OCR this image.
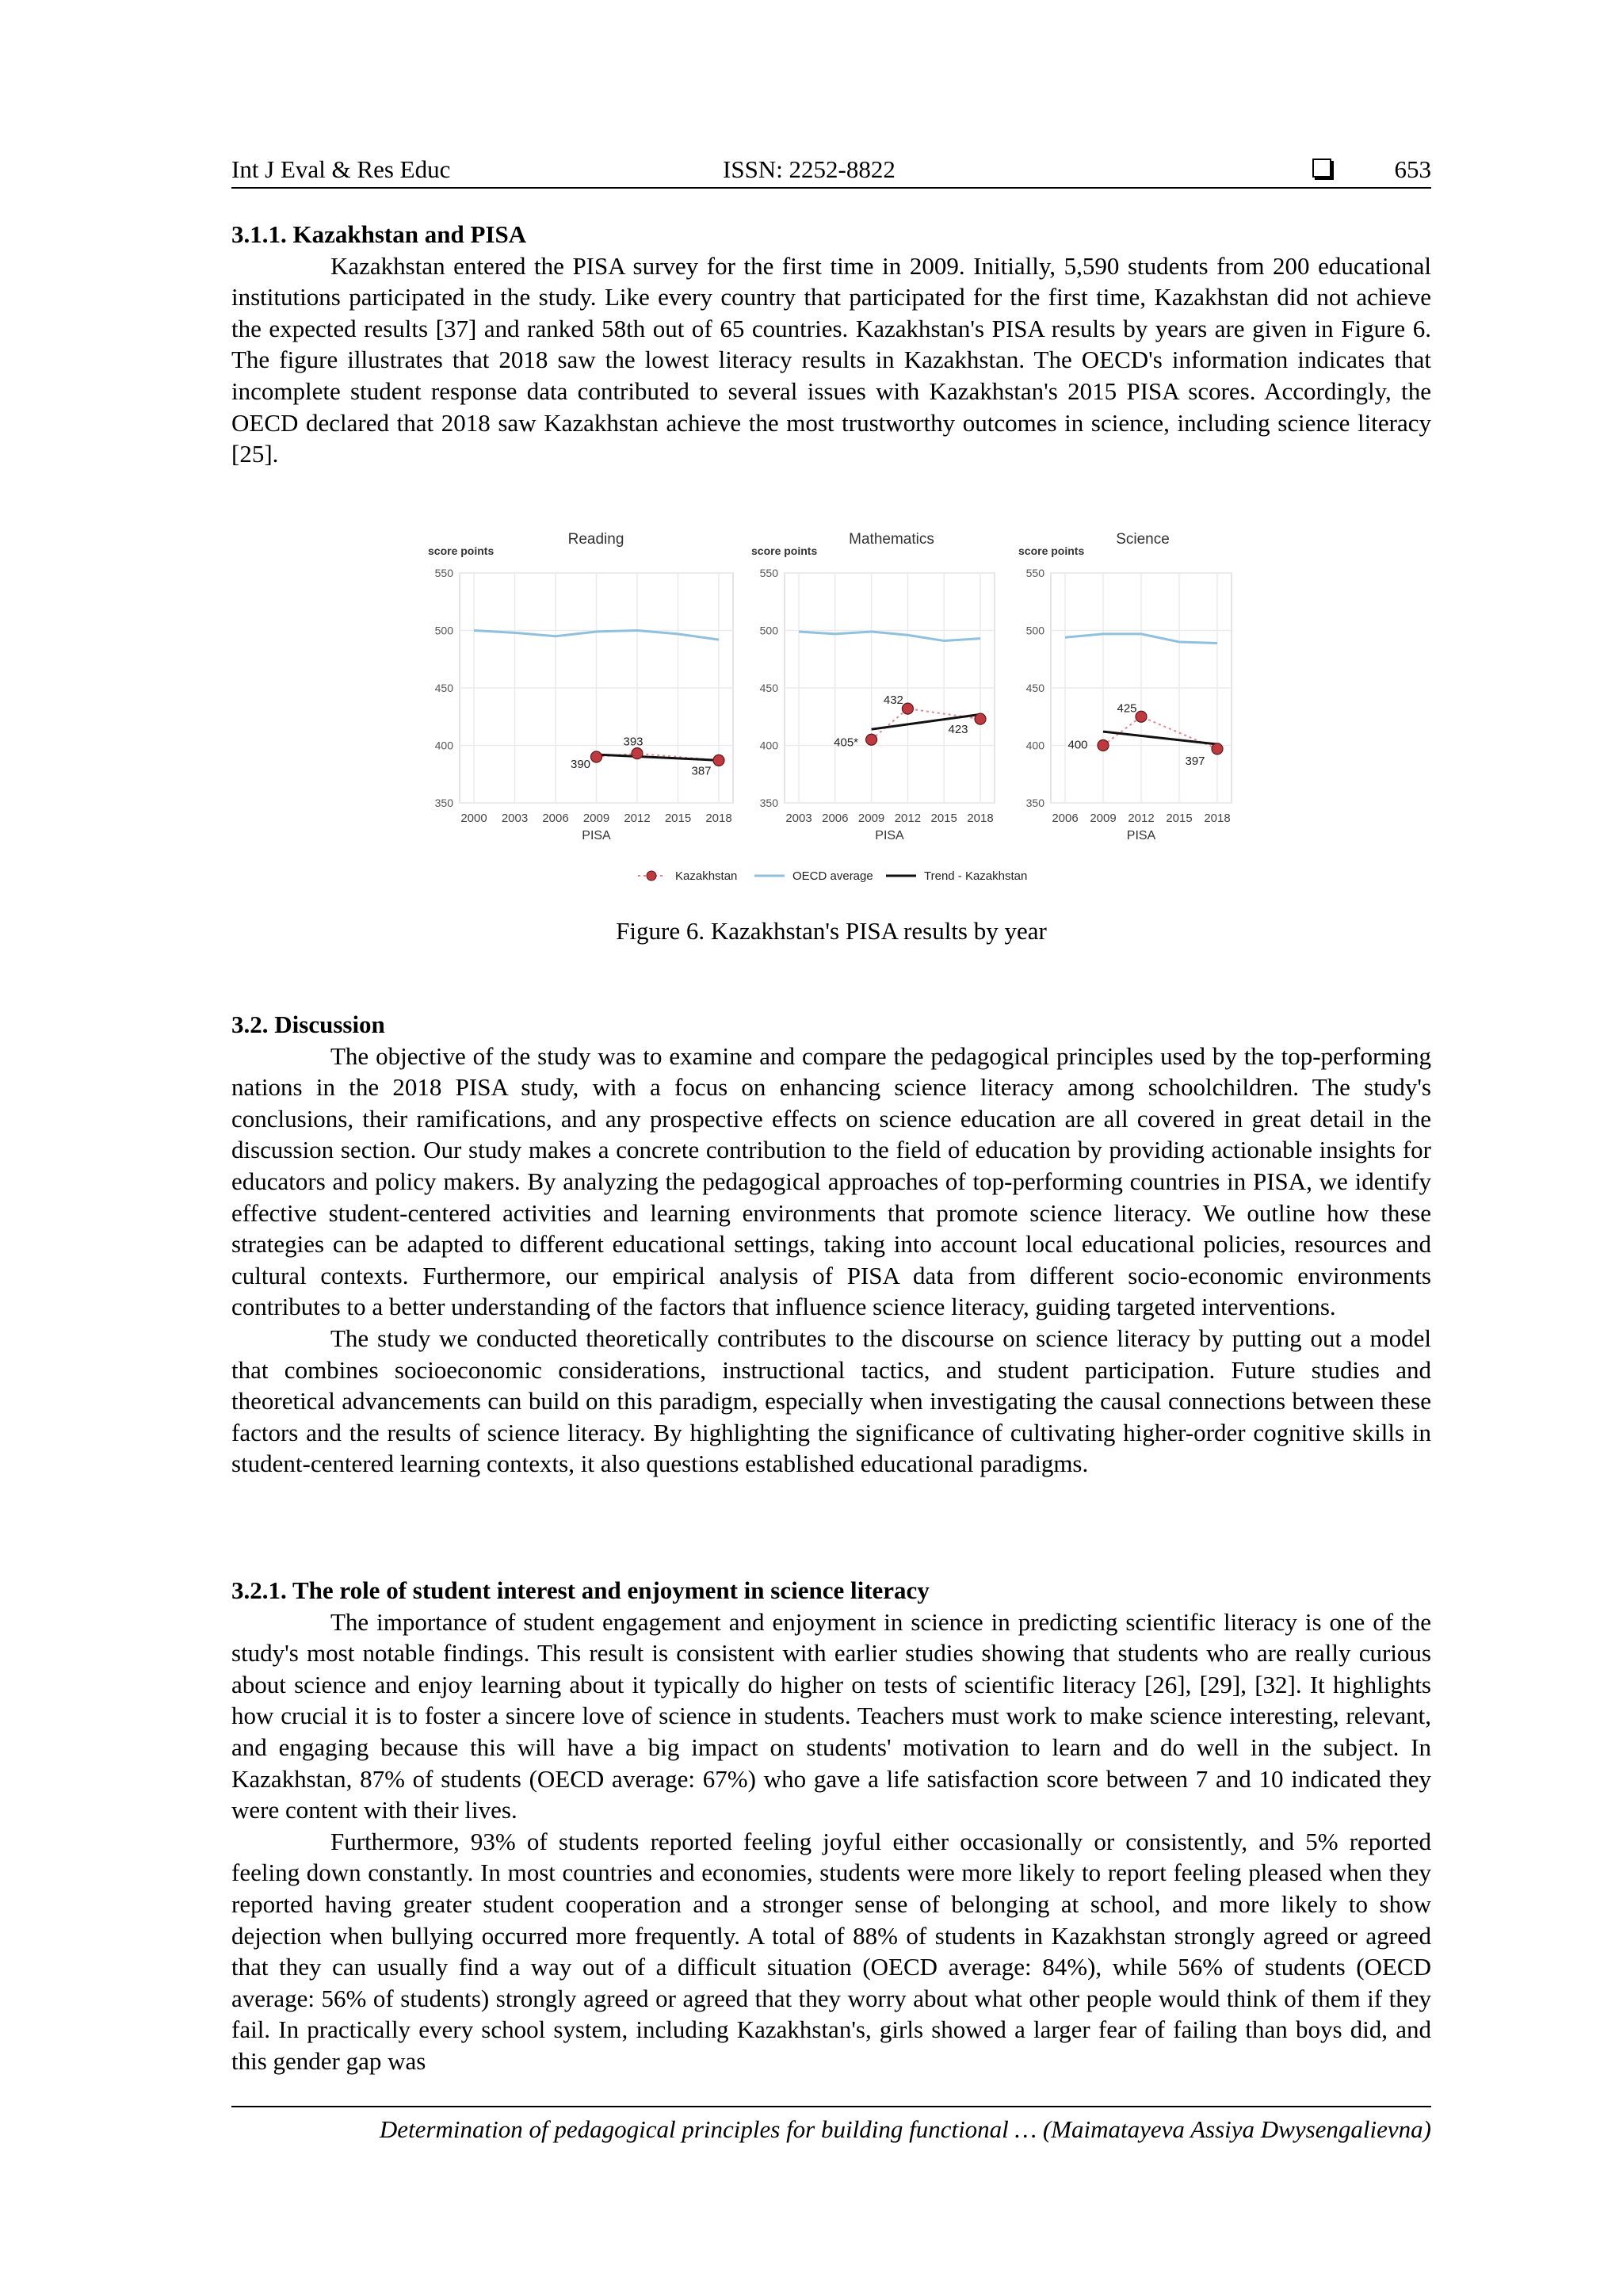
Int J Eval & Res Educ	ISSN: 2252-8822	653

3.1.1. Kazakhstan and PISA

Kazakhstan entered the PISA survey for the first time in 2009. Initially, 5,590 students from 200 educational institutions participated in the study. Like every country that participated for the first time, Kazakhstan did not achieve the expected results [37] and ranked 58th out of 65 countries. Kazakhstan's PISA results by years are given in Figure 6. The figure illustrates that 2018 saw the lowest literacy results in Kazakhstan. The OECD's information indicates that incomplete student response data contributed to several issues with Kazakhstan's 2015 PISA scores. Accordingly, the OECD declared that 2018 saw Kazakhstan achieve the most trustworthy outcomes in science, including science literacy [25].

Reading
score points
550
500
450
400
350
2000 2003 2006 2009 2012 2015 2018
PISA
390
393
387
Mathematics
score points
550
500
450
400
350
2003 2006 2009 2012 2015 2018
PISA
405*
432
423
Science
score points
550
500
450
400
350
2006 2009 2012 2015 2018
PISA
400
425
397
Kazakhstan	OECD average	Trend - Kazakhstan
Figure 6. Kazakhstan's PISA results by year

3.2. Discussion

The objective of the study was to examine and compare the pedagogical principles used by the top-performing nations in the 2018 PISA study, with a focus on enhancing science literacy among schoolchildren. The study's conclusions, their ramifications, and any prospective effects on science education are all covered in great detail in the discussion section. Our study makes a concrete contribution to the field of education by providing actionable insights for educators and policy makers. By analyzing the pedagogical approaches of top-performing countries in PISA, we identify effective student-centered activities and learning environments that promote science literacy. We outline how these strategies can be adapted to different educational settings, taking into account local educational policies, resources and cultural contexts. Furthermore, our empirical analysis of PISA data from different socio-economic environments contributes to a better understanding of the factors that influence science literacy, guiding targeted interventions.

The study we conducted theoretically contributes to the discourse on science literacy by putting out a model that combines socioeconomic considerations, instructional tactics, and student participation. Future studies and theoretical advancements can build on this paradigm, especially when investigating the causal connections between these factors and the results of science literacy. By highlighting the significance of cultivating higher-order cognitive skills in student-centered learning contexts, it also questions established educational paradigms.

3.2.1. The role of student interest and enjoyment in science literacy

The importance of student engagement and enjoyment in science in predicting scientific literacy is one of the study's most notable findings. This result is consistent with earlier studies showing that students who are really curious about science and enjoy learning about it typically do higher on tests of scientific literacy [26], [29], [32]. It highlights how crucial it is to foster a sincere love of science in students. Teachers must work to make science interesting, relevant, and engaging because this will have a big impact on students' motivation to learn and do well in the subject. In Kazakhstan, 87% of students (OECD average: 67%) who gave a life satisfaction score between 7 and 10 indicated they were content with their lives.

Furthermore, 93% of students reported feeling joyful either occasionally or consistently, and 5% reported feeling down constantly. In most countries and economies, students were more likely to report feeling pleased when they reported having greater student cooperation and a stronger sense of belonging at school, and more likely to show dejection when bullying occurred more frequently. A total of 88% of students in Kazakhstan strongly agreed or agreed that they can usually find a way out of a difficult situation (OECD average: 84%), while 56% of students (OECD average: 56% of students) strongly agreed or agreed that they worry about what other people would think of them if they fail. In practically every school system, including Kazakhstan's, girls showed a larger fear of failing than boys did, and this gender gap was

Determination of pedagogical principles for building functional … (Maimatayeva Assiya Dwysengalievna)
